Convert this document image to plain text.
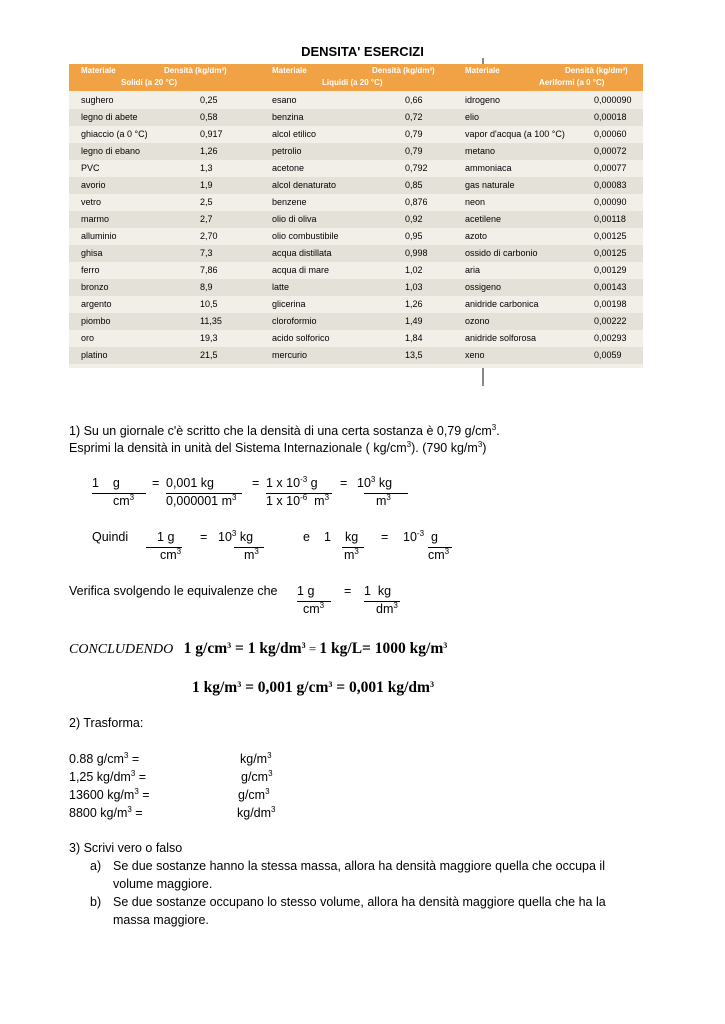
DENSITA' ESERCIZI
Materiale	Densità (kg/dm³)
Solidi (a 20 °C)
Materiale	Densità (kg/dm³)
Liquidi (a 20 °C)
Materiale	Densità (kg/dm³)
Aeriformi (a 0 °C)
sughero	0,25	esano	0,66	idrogeno	0,000090
legno di abete	0,58	benzina	0,72	elio	0,00018
ghiaccio (a 0 °C)	0,917	alcol etilico	0,79	vapor d'acqua (a 100 °C)	0,00060
legno di ebano	1,26	petrolio	0,79	metano	0,00072
PVC	1,3	acetone	0,792	ammoniaca	0,00077
avorio	1,9	alcol denaturato	0,85	gas naturale	0,00083
vetro	2,5	benzene	0,876	neon	0,00090
marmo	2,7	olio di oliva	0,92	acetilene	0,00118
alluminio	2,70	olio combustibile	0,95	azoto	0,00125
ghisa	7,3	acqua distillata	0,998	ossido di carbonio	0,00125
ferro	7,86	acqua di mare	1,02	aria	0,00129
bronzo	8,9	latte	1,03	ossigeno	0,00143
argento	10,5	glicerina	1,26	anidride carbonica	0,00198
piombo	11,35	cloroformio	1,49	ozono	0,00222
oro	19,3	acido solforico	1,84	anidride solforosa	0,00293
platino	21,5	mercurio	13,5	xeno	0,0059
1) Su un giornale c'è scritto che la densità di una certa sostanza è 0,79 $g/cm^3$.
Esprimi la densità in unità del Sistema Internazionale ( $kg/cm^3$). (790 $kg/m^3$)
1 g
$cm^3$
= 0,001 kg
0,000001 $m^3$
= 1 x $10^{-3}$ g
1 x $10^{-6}$ $m^3$
= $10^3$ kg
$m^3$
Quindi 1 g
$cm^3$
= $10^3$ kg
$m^3$
e 1 kg
$m^3$
= $10^{-3}$ g
$cm^3$
Verifica svolgendo le equivalenze che 1 g
$cm^3$
= 1 kg
$dm^3$
CONCLUDENDO 1 $g/cm^3 = 1$ $kg/dm^3 = 1$ kg/L= 1000 $kg/m^3$
1 $kg/m^3 = 0,001$ $g/cm^3 = 0,001$ $kg/dm^3$
2) Trasforma:
0.88 $g/cm^3$ =	$kg/m^3$
1,25 $kg/dm^3$ =	$g/cm^3$
13600 $kg/m^3$ =	$g/cm^3$
8800 $kg/m^3$ =	$kg/dm^3$
3) Scrivi vero o falso
a) Se due sostanze hanno la stessa massa, allora ha densità maggiore quella che occupa il
volume maggiore.
b) Se due sostanze occupano lo stesso volume, allora ha densità maggiore quella che ha la
massa maggiore.
